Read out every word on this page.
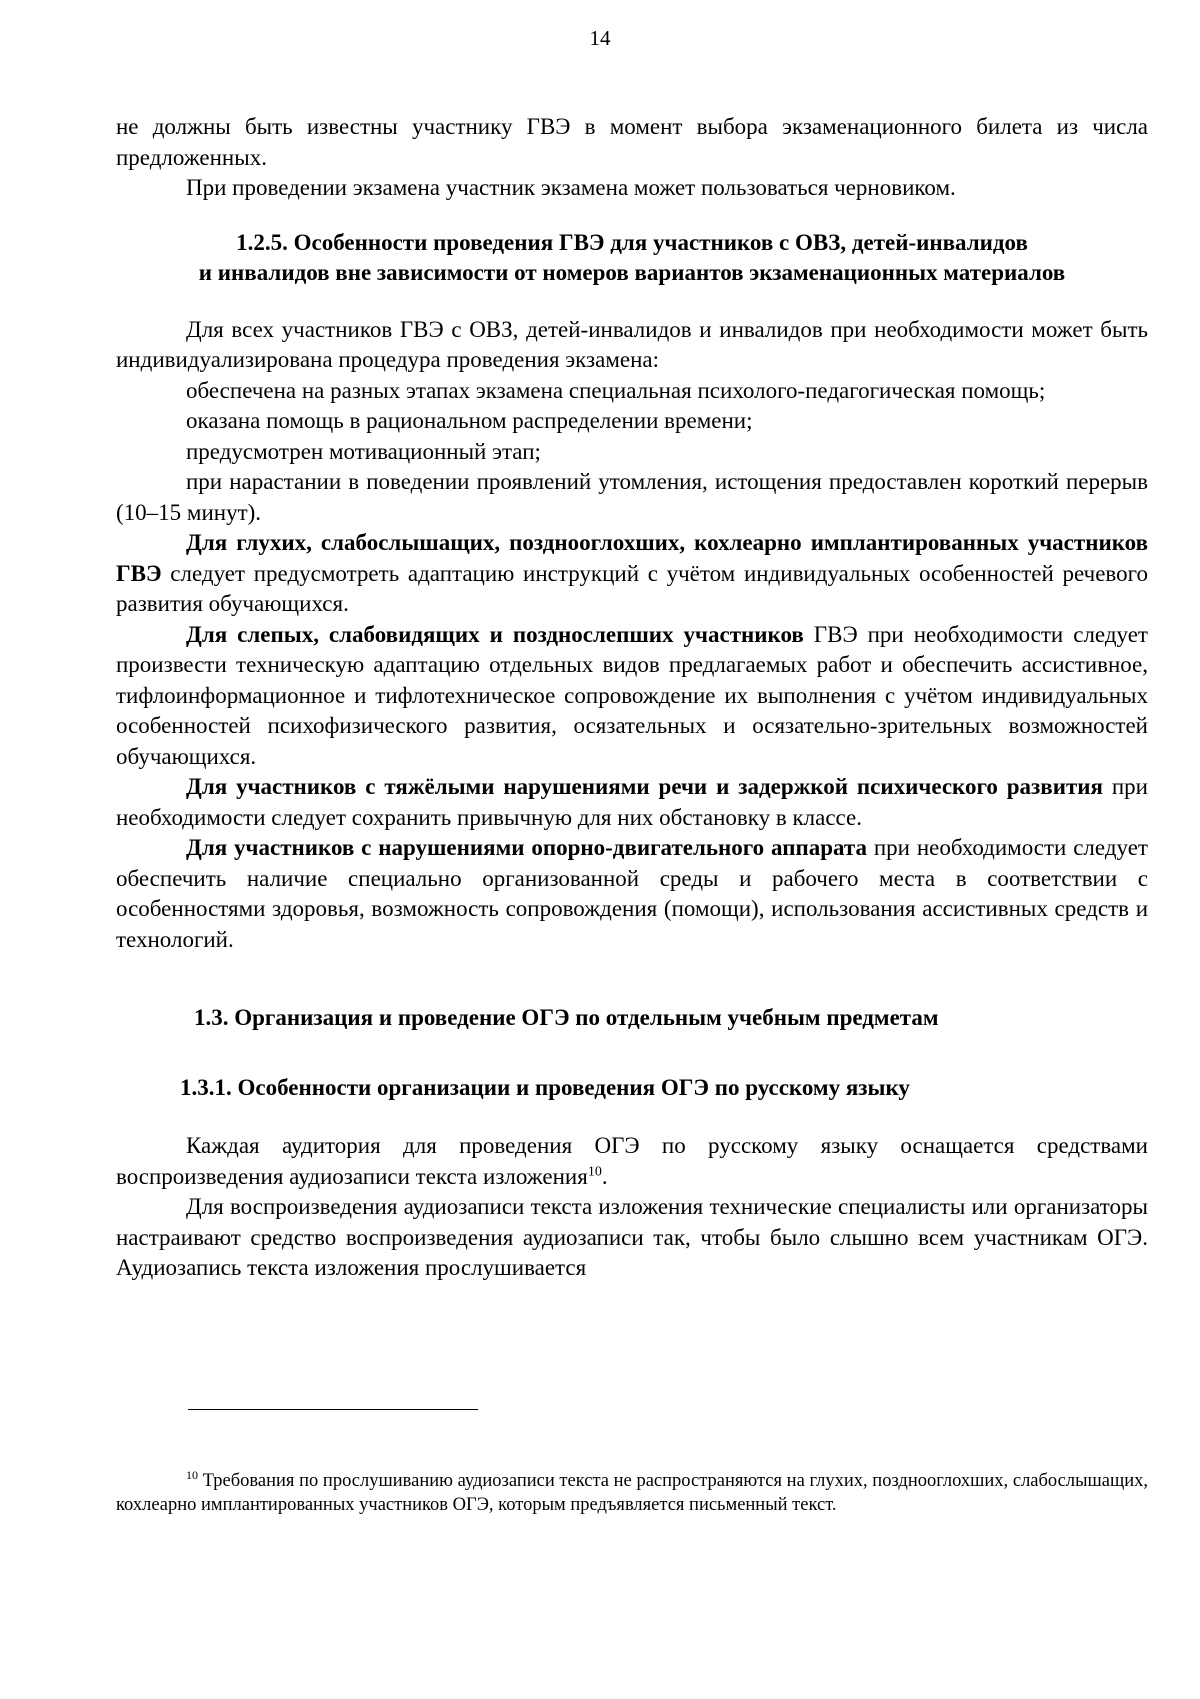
14

не должны быть известны участнику ГВЭ в момент выбора экзаменационного билета из числа предложенных.

При проведении экзамена участник экзамена может пользоваться черновиком.

1.2.5. Особенности проведения ГВЭ для участников с ОВЗ, детей-инвалидов
и инвалидов вне зависимости от номеров вариантов экзаменационных материалов

Для всех участников ГВЭ с ОВЗ, детей-инвалидов и инвалидов при необходимости может быть индивидуализирована процедура проведения экзамена:

обеспечена на разных этапах экзамена специальная психолого-педагогическая помощь;

оказана помощь в рациональном распределении времени;

предусмотрен мотивационный этап;

при нарастании в поведении проявлений утомления, истощения предоставлен короткий перерыв (10–15 минут).

Для глухих, слабослышащих, позднооглохших, кохлеарно имплантированных участников ГВЭ следует предусмотреть адаптацию инструкций с учётом индивидуальных особенностей речевого развития обучающихся.

Для слепых, слабовидящих и позднослепших участников ГВЭ при необходимости следует произвести техническую адаптацию отдельных видов предлагаемых работ и обеспечить ассистивное, тифлоинформационное и тифлотехническое сопровождение их выполнения с учётом индивидуальных особенностей психофизического развития, осязательных и осязательно-зрительных возможностей обучающихся.

Для участников с тяжёлыми нарушениями речи и задержкой психического развития при необходимости следует сохранить привычную для них обстановку в классе.

Для участников с нарушениями опорно-двигательного аппарата при необходимости следует обеспечить наличие специально организованной среды и рабочего места в соответствии с особенностями здоровья, возможность сопровождения (помощи), использования ассистивных средств и технологий.

1.3. Организация и проведение ОГЭ по отдельным учебным предметам
1.3.1. Особенности организации и проведения ОГЭ по русскому языку

Каждая аудитория для проведения ОГЭ по русскому языку оснащается средствами воспроизведения аудиозаписи текста изложения$^{10}$.

Для воспроизведения аудиозаписи текста изложения технические специалисты или организаторы настраивают средство воспроизведения аудиозаписи так, чтобы было слышно всем участникам ОГЭ. Аудиозапись текста изложения прослушивается

$^{10}$ Требования по прослушиванию аудиозаписи текста не распространяются на глухих, позднооглохших, слабослышащих, кохлеарно имплантированных участников ОГЭ, которым предъявляется письменный текст.
